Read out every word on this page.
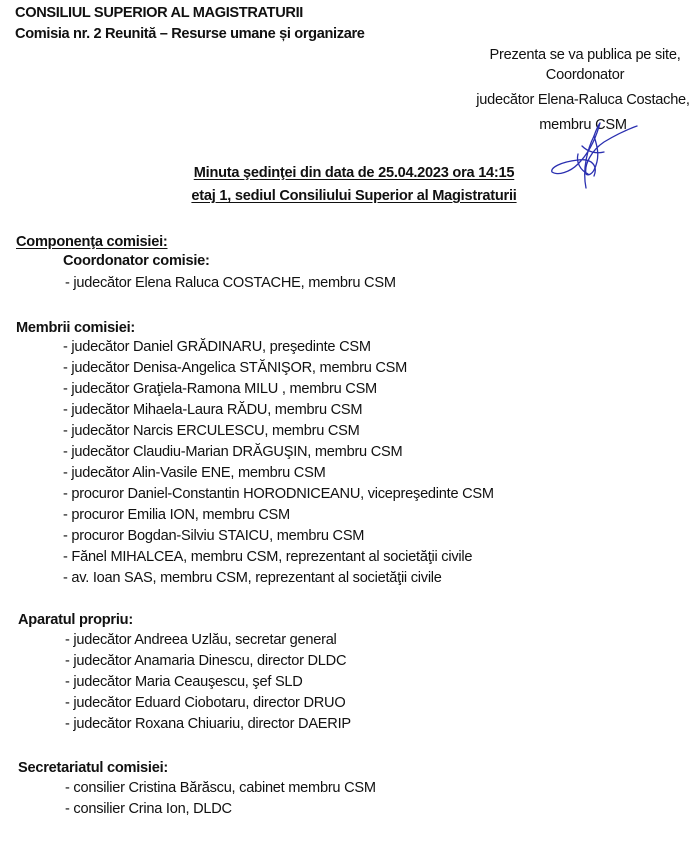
CONSILIUL SUPERIOR AL MAGISTRATURII
Comisia nr. 2 Reunită – Resurse umane și organizare
Prezenta se va publica pe site,
Coordonator
judecător Elena-Raluca Costache,
membru CSM
Minuta şedinţei din data de 25.04.2023 ora 14:15
etaj 1, sediul Consiliului Superior al Magistraturii
Componenţa comisiei:
Coordonator comisie:
- judecător Elena Raluca COSTACHE, membru CSM
Membrii comisiei:
- judecător Daniel GRĂDINARU, preşedinte CSM
- judecător Denisa-Angelica STĂNIŞOR, membru CSM
- judecător Graţiela-Ramona MILU , membru CSM
- judecător Mihaela-Laura RĂDU, membru CSM
- judecător Narcis ERCULESCU, membru CSM
- judecător Claudiu-Marian DRĂGUŞIN, membru CSM
- judecător Alin-Vasile ENE, membru CSM
- procuror Daniel-Constantin HORODNICEANU, vicepreşedinte CSM
- procuror Emilia ION, membru CSM
- procuror Bogdan-Silviu STAICU, membru CSM
- Fănel MIHALCEA, membru CSM, reprezentant al societăţii civile
- av. Ioan SAS, membru CSM, reprezentant al societăţii civile
Aparatul propriu:
- judecător Andreea Uzlău, secretar general
- judecător Anamaria Dinescu, director DLDC
- judecător Maria Ceauşescu, şef SLD
- judecător Eduard Ciobotaru, director DRUO
- judecător Roxana Chiuariu, director DAERIP
Secretariatul comisiei:
- consilier Cristina Bărăscu, cabinet membru CSM
- consilier Crina Ion, DLDC
